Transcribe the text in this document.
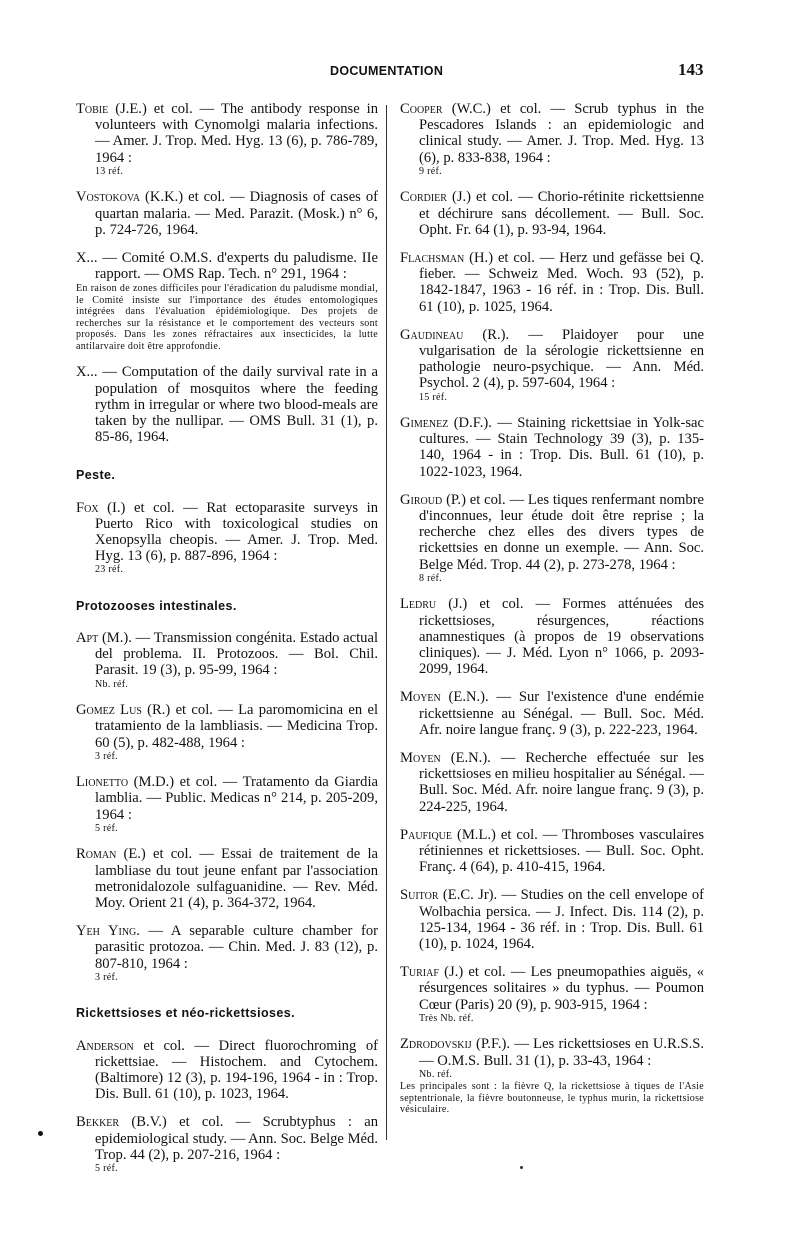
DOCUMENTATION	143
Tobie (J.E.) et col. — The antibody response in volunteers with Cynomolgi malaria infections. — Amer. J. Trop. Med. Hyg. 13 (6), p. 786-789, 1964 :
13 réf.
Vostokova (K.K.) et col. — Diagnosis of cases of quartan malaria. — Med. Parazit. (Mosk.) n° 6, p. 724-726, 1964.
X... — Comité O.M.S. d'experts du paludisme. IIe rapport. — OMS Rap. Tech. n° 291, 1964 :
En raison de zones difficiles pour l'éradication du paludisme mondial, le Comité insiste sur l'importance des études entomologiques intégrées dans l'évaluation épidémiologique. Des projets de recherches sur la résistance et le comportement des vecteurs sont proposés. Dans les zones réfractaires aux insecticides, la lutte antilarvaire doit être approfondie.
X... — Computation of the daily survival rate in a population of mosquitos where the feeding rythm in irregular or where two blood-meals are taken by the nullipar. — OMS Bull. 31 (1), p. 85-86, 1964.
Peste.
Fox (I.) et col. — Rat ectoparasite surveys in Puerto Rico with toxicological studies on Xenopsylla cheopis. — Amer. J. Trop. Med. Hyg. 13 (6), p. 887-896, 1964 :
23 réf.
Protozooses intestinales.
Apt (M.). — Transmission congénita. Estado actual del problema. II. Protozoos. — Bol. Chil. Parasit. 19 (3), p. 95-99, 1964 :
Nb. réf.
Gomez Lus (R.) et col. — La paromomicina en el tratamiento de la lambliasis. — Medicina Trop. 60 (5), p. 482-488, 1964 :
3 réf.
Lionetto (M.D.) et col. — Tratamento da Giardia lamblia. — Public. Medicas n° 214, p. 205-209, 1964 :
5 réf.
Roman (E.) et col. — Essai de traitement de la lambliase du tout jeune enfant par l'association metronidalozole sulfaguanidine. — Rev. Méd. Moy. Orient 21 (4), p. 364-372, 1964.
Yeh Ying. — A separable culture chamber for parasitic protozoa. — Chin. Med. J. 83 (12), p. 807-810, 1964 :
3 réf.
Rickettsioses et néo-rickettsioses.
Anderson et col. — Direct fluorochroming of rickettsiae. — Histochem. and Cytochem. (Baltimore) 12 (3), p. 194-196, 1964 - in : Trop. Dis. Bull. 61 (10), p. 1023, 1964.
Bekker (B.V.) et col. — Scrubtyphus : an epidemiological study. — Ann. Soc. Belge Méd. Trop. 44 (2), p. 207-216, 1964 :
5 réf.
Cooper (W.C.) et col. — Scrub typhus in the Pescadores Islands : an epidemiologic and clinical study. — Amer. J. Trop. Med. Hyg. 13 (6), p. 833-838, 1964 :
9 réf.
Cordier (J.) et col. — Chorio-rétinite rickettsienne et déchirure sans décollement. — Bull. Soc. Opht. Fr. 64 (1), p. 93-94, 1964.
Flachsman (H.) et col. — Herz und gefässe bei Q. fieber. — Schweiz Med. Woch. 93 (52), p. 1842-1847, 1963 - 16 réf. in : Trop. Dis. Bull. 61 (10), p. 1025, 1964.
Gaudineau (R.). — Plaidoyer pour une vulgarisation de la sérologie rickettsienne en pathologie neuro-psychique. — Ann. Méd. Psychol. 2 (4), p. 597-604, 1964 :
15 réf.
Gimenez (D.F.). — Staining rickettsiae in Yolk-sac cultures. — Stain Technology 39 (3), p. 135-140, 1964 - in : Trop. Dis. Bull. 61 (10), p. 1022-1023, 1964.
Giroud (P.) et col. — Les tiques renfermant nombre d'inconnues, leur étude doit être reprise ; la recherche chez elles des divers types de rickettsies en donne un exemple. — Ann. Soc. Belge Méd. Trop. 44 (2), p. 273-278, 1964 :
8 réf.
Ledru (J.) et col. — Formes atténuées des rickettsioses, résurgences, réactions anamnestiques (à propos de 19 observations cliniques). — J. Méd. Lyon n° 1066, p. 2093-2099, 1964.
Moyen (E.N.). — Sur l'existence d'une endémie rickettsienne au Sénégal. — Bull. Soc. Méd. Afr. noire langue franç. 9 (3), p. 222-223, 1964.
Moyen (E.N.). — Recherche effectuée sur les rickettsioses en milieu hospitalier au Sénégal. — Bull. Soc. Méd. Afr. noire langue franç. 9 (3), p. 224-225, 1964.
Paufique (M.L.) et col. — Thromboses vasculaires rétiniennes et rickettsioses. — Bull. Soc. Opht. Franç. 4 (64), p. 410-415, 1964.
Suitor (E.C. Jr). — Studies on the cell envelope of Wolbachia persica. — J. Infect. Dis. 114 (2), p. 125-134, 1964 - 36 réf. in : Trop. Dis. Bull. 61 (10), p. 1024, 1964.
Turiaf (J.) et col. — Les pneumopathies aiguës, « résurgences solitaires » du typhus. — Poumon Cœur (Paris) 20 (9), p. 903-915, 1964 :
Très Nb. réf.
Zdrodovskij (P.F.). — Les rickettsioses en U.R.S.S. — O.M.S. Bull. 31 (1), p. 33-43, 1964 :
Nb. réf.
Les principales sont : la fièvre Q, la rickettsiose à tiques de l'Asie septentrionale, la fièvre boutonneuse, le typhus murin, la rickettsiose vésiculaire.
